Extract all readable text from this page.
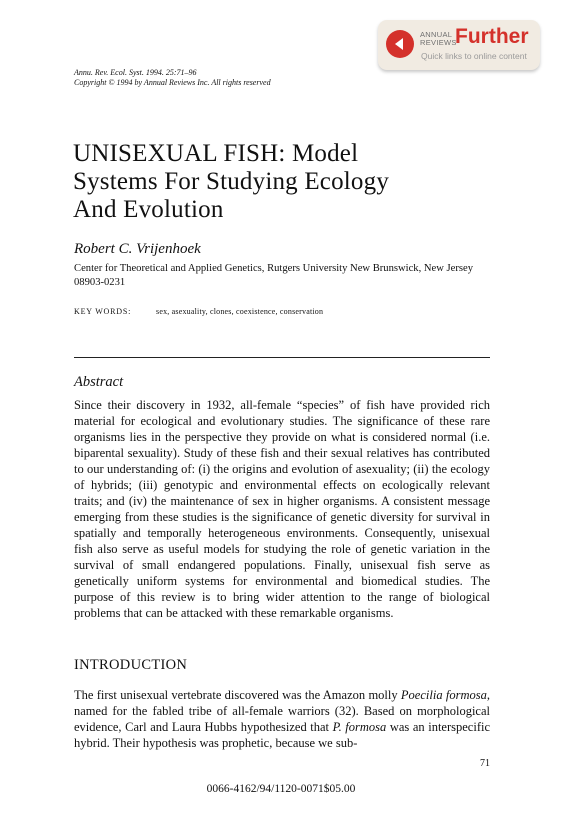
ANNUAL
REVIEWS
Further
Quick links to online content
Annu. Rev. Ecol. Syst. 1994. 25:71–96
Copyright © 1994 by Annual Reviews Inc. All rights reserved
UNISEXUAL FISH: Model
Systems For Studying Ecology
And Evolution
Robert C. Vrijenhoek
Center for Theoretical and Applied Genetics, Rutgers University New Brunswick, New Jersey 08903-0231
KEY WORDS:	sex, asexuality, clones, coexistence, conservation
Abstract

Since their discovery in 1932, all-female “species” of fish have provided rich material for ecological and evolutionary studies. The significance of these rare organisms lies in the perspective they provide on what is considered normal (i.e. biparental sexuality). Study of these fish and their sexual relatives has contributed to our understanding of: (i) the origins and evolution of asexuality; (ii) the ecology of hybrids; (iii) genotypic and environmental effects on ecologically relevant traits; and (iv) the maintenance of sex in higher organisms. A consistent message emerging from these studies is the significance of genetic diversity for survival in spatially and temporally heterogeneous environments. Consequently, unisexual fish also serve as useful models for studying the role of genetic variation in the survival of small endangered populations. Finally, unisexual fish serve as genetically uniform systems for environmental and biomedical studies. The purpose of this review is to bring wider attention to the range of biological problems that can be attacked with these remarkable organisms.

INTRODUCTION

The first unisexual vertebrate discovered was the Amazon molly Poecilia formosa, named for the fabled tribe of all-female warriors (32). Based on morphological evidence, Carl and Laura Hubbs hypothesized that P. formosa was an interspecific hybrid. Their hypothesis was prophetic, because we sub-

71
0066-4162/94/1120-0071$05.00
